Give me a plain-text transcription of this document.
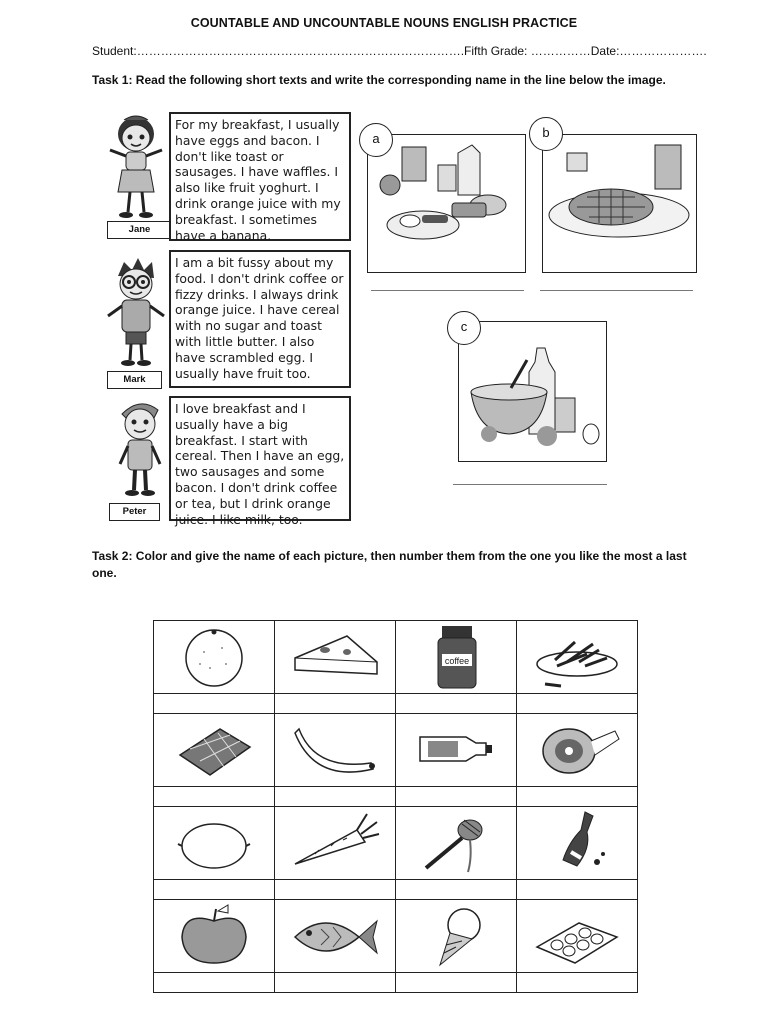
COUNTABLE AND UNCOUNTABLE NOUNS ENGLISH PRACTICE
Student:……………………………………………………………………….Fifth Grade: ……………Date:………………….
Task 1: Read the following short texts and write the corresponding name in the line below the image.
Jane
For my breakfast, I usually have eggs and bacon. I don't like toast or sausages. I have waffles. I also like fruit yoghurt. I drink orange juice with my breakfast. I sometimes have a banana.
Mark
I am a bit fussy about my food. I don't drink coffee or fizzy drinks. I always drink orange juice. I have cereal with no sugar and toast with little butter. I also have scrambled egg. I usually have fruit too.
Peter
I love breakfast and I usually have a big breakfast. I start with cereal. Then I have an egg, two sausages and some bacon. I don't drink coffee or tea, but I drink orange juice. I like milk, too.
a	b
c
Task 2: Color and give the name of each picture, then number them from the one you like the most a last one.

coffee
